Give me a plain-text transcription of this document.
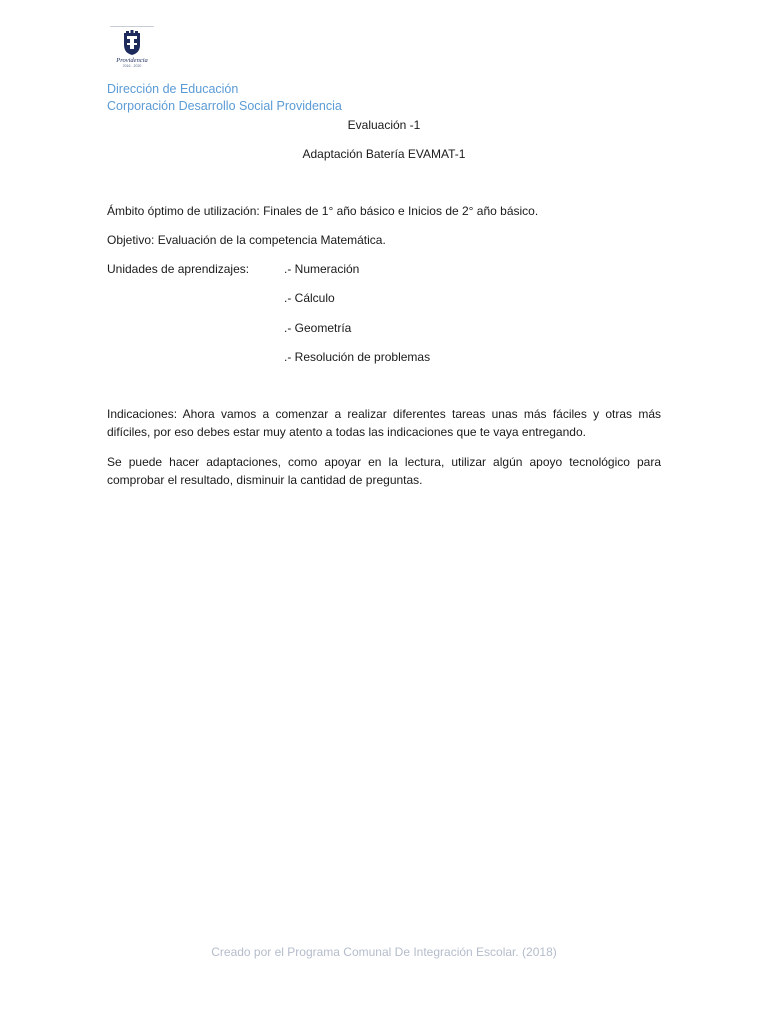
Providencia
2016 - 2020
Dirección de Educación
Corporación Desarrollo Social Providencia
Evaluación -1
Adaptación Batería EVAMAT-1
Ámbito óptimo de utilización: Finales de 1° año básico e Inicios de 2° año básico.
Objetivo: Evaluación de la competencia Matemática.
Unidades de aprendizajes:	.- Numeración
.- Cálculo
.- Geometría
.- Resolución de problemas
Indicaciones: Ahora vamos a comenzar a realizar diferentes tareas unas más fáciles y otras más difíciles, por eso debes estar muy atento a todas las indicaciones que te vaya entregando.
Se puede hacer adaptaciones, como apoyar en la lectura, utilizar algún apoyo tecnológico para comprobar el resultado, disminuir la cantidad de preguntas.
Creado por el Programa Comunal De Integración Escolar. (2018)
